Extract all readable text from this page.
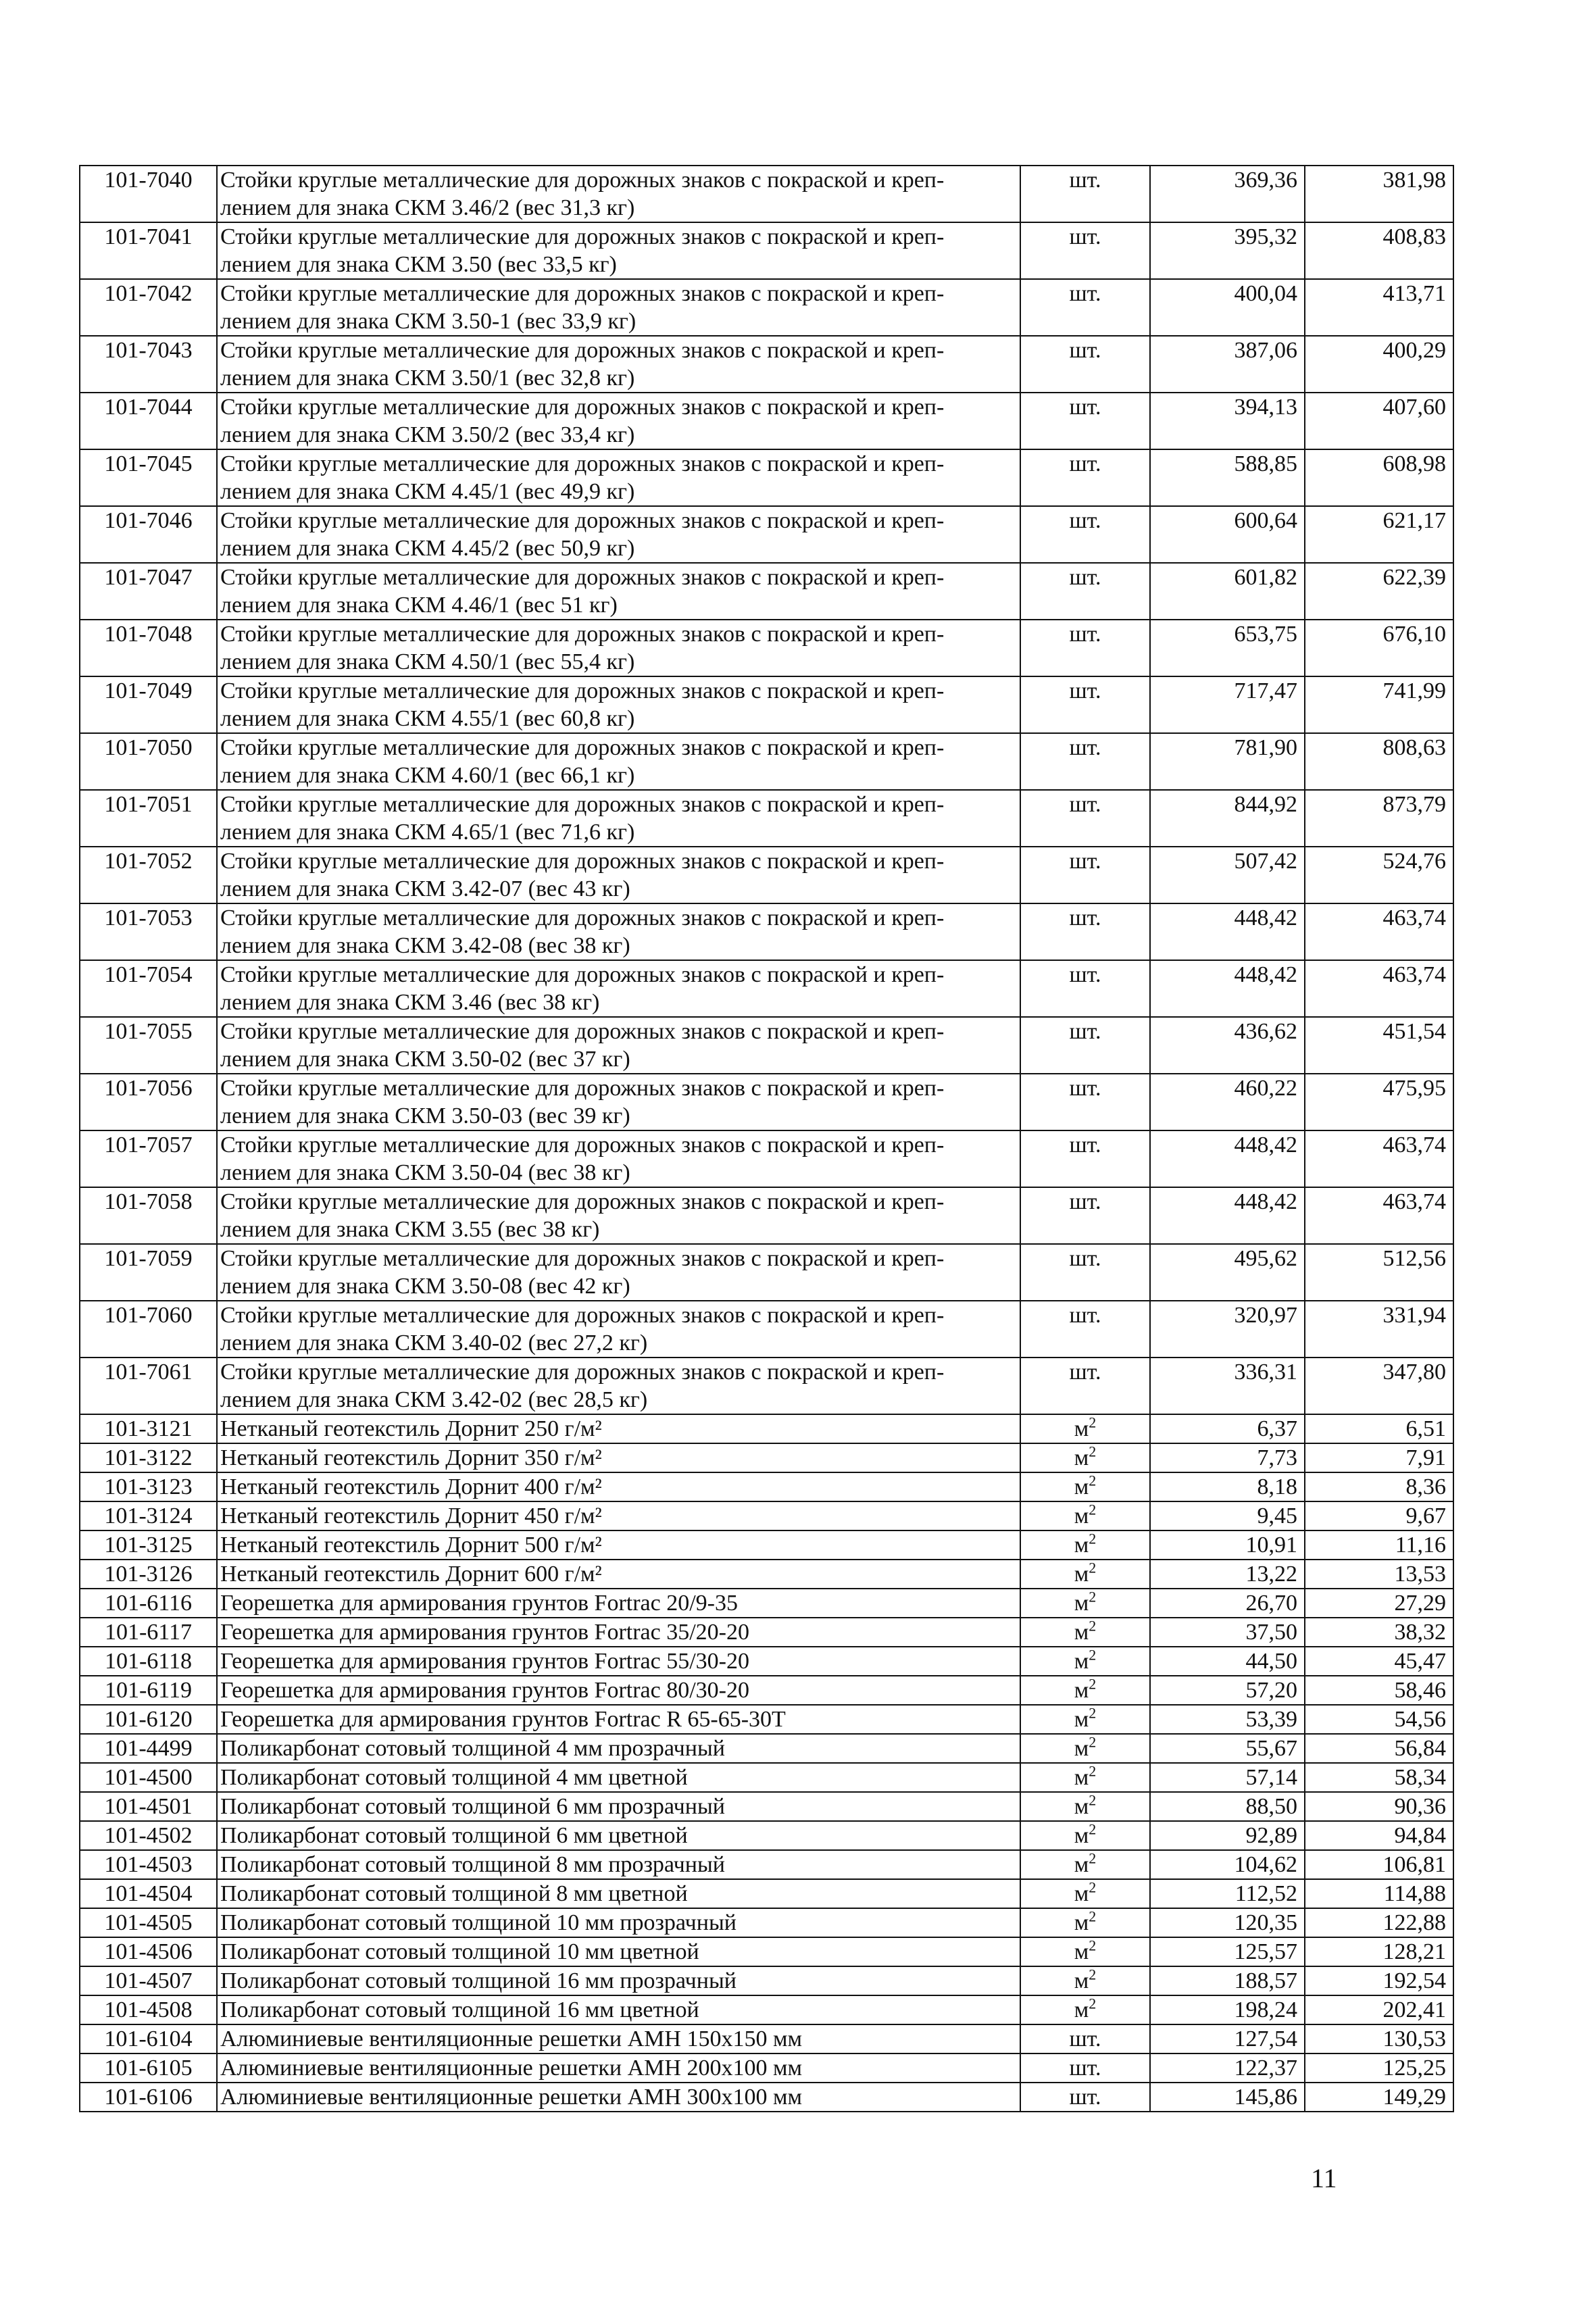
101-7040	Стойки круглые металлические для дорожных знаков с покраской и креп-
лением для знака СКМ 3.46/2 (вес 31,3 кг)	шт.	369,36	381,98
101-7041	Стойки круглые металлические для дорожных знаков с покраской и креп-
лением для знака СКМ 3.50 (вес 33,5 кг)	шт.	395,32	408,83
101-7042	Стойки круглые металлические для дорожных знаков с покраской и креп-
лением для знака СКМ 3.50-1 (вес 33,9 кг)	шт.	400,04	413,71
101-7043	Стойки круглые металлические для дорожных знаков с покраской и креп-
лением для знака СКМ 3.50/1 (вес 32,8 кг)	шт.	387,06	400,29
101-7044	Стойки круглые металлические для дорожных знаков с покраской и креп-
лением для знака СКМ 3.50/2 (вес 33,4 кг)	шт.	394,13	407,60
101-7045	Стойки круглые металлические для дорожных знаков с покраской и креп-
лением для знака СКМ 4.45/1 (вес 49,9 кг)	шт.	588,85	608,98
101-7046	Стойки круглые металлические для дорожных знаков с покраской и креп-
лением для знака СКМ 4.45/2 (вес 50,9 кг)	шт.	600,64	621,17
101-7047	Стойки круглые металлические для дорожных знаков с покраской и креп-
лением для знака СКМ 4.46/1 (вес 51 кг)	шт.	601,82	622,39
101-7048	Стойки круглые металлические для дорожных знаков с покраской и креп-
лением для знака СКМ 4.50/1 (вес 55,4 кг)	шт.	653,75	676,10
101-7049	Стойки круглые металлические для дорожных знаков с покраской и креп-
лением для знака СКМ 4.55/1 (вес 60,8 кг)	шт.	717,47	741,99
101-7050	Стойки круглые металлические для дорожных знаков с покраской и креп-
лением для знака СКМ 4.60/1 (вес 66,1 кг)	шт.	781,90	808,63
101-7051	Стойки круглые металлические для дорожных знаков с покраской и креп-
лением для знака СКМ 4.65/1 (вес 71,6 кг)	шт.	844,92	873,79
101-7052	Стойки круглые металлические для дорожных знаков с покраской и креп-
лением для знака СКМ 3.42-07 (вес 43 кг)	шт.	507,42	524,76
101-7053	Стойки круглые металлические для дорожных знаков с покраской и креп-
лением для знака СКМ 3.42-08 (вес 38 кг)	шт.	448,42	463,74
101-7054	Стойки круглые металлические для дорожных знаков с покраской и креп-
лением для знака СКМ 3.46 (вес 38 кг)	шт.	448,42	463,74
101-7055	Стойки круглые металлические для дорожных знаков с покраской и креп-
лением для знака СКМ 3.50-02 (вес 37 кг)	шт.	436,62	451,54
101-7056	Стойки круглые металлические для дорожных знаков с покраской и креп-
лением для знака СКМ 3.50-03 (вес 39 кг)	шт.	460,22	475,95
101-7057	Стойки круглые металлические для дорожных знаков с покраской и креп-
лением для знака СКМ 3.50-04 (вес 38 кг)	шт.	448,42	463,74
101-7058	Стойки круглые металлические для дорожных знаков с покраской и креп-
лением для знака СКМ 3.55 (вес 38 кг)	шт.	448,42	463,74
101-7059	Стойки круглые металлические для дорожных знаков с покраской и креп-
лением для знака СКМ 3.50-08 (вес 42 кг)	шт.	495,62	512,56
101-7060	Стойки круглые металлические для дорожных знаков с покраской и креп-
лением для знака СКМ 3.40-02 (вес 27,2 кг)	шт.	320,97	331,94
101-7061	Стойки круглые металлические для дорожных знаков с покраской и креп-
лением для знака СКМ 3.42-02 (вес 28,5 кг)	шт.	336,31	347,80
101-3121	Нетканый геотекстиль Дорнит 250 г/м²	$м^2$	6,37	6,51
101-3122	Нетканый геотекстиль Дорнит 350 г/м²	$м^2$	7,73	7,91
101-3123	Нетканый геотекстиль Дорнит 400 г/м²	$м^2$	8,18	8,36
101-3124	Нетканый геотекстиль Дорнит 450 г/м²	$м^2$	9,45	9,67
101-3125	Нетканый геотекстиль Дорнит 500 г/м²	$м^2$	10,91	11,16
101-3126	Нетканый геотекстиль Дорнит 600 г/м²	$м^2$	13,22	13,53
101-6116	Георешетка для армирования грунтов Fortrac 20/9-35	$м^2$	26,70	27,29
101-6117	Георешетка для армирования грунтов Fortrac 35/20-20	$м^2$	37,50	38,32
101-6118	Георешетка для армирования грунтов Fortrac 55/30-20	$м^2$	44,50	45,47
101-6119	Георешетка для армирования грунтов Fortrac 80/30-20	$м^2$	57,20	58,46
101-6120	Георешетка для армирования грунтов Fortrac R 65-65-30T	$м^2$	53,39	54,56
101-4499	Поликарбонат сотовый толщиной 4 мм прозрачный	$м^2$	55,67	56,84
101-4500	Поликарбонат сотовый толщиной 4 мм цветной	$м^2$	57,14	58,34
101-4501	Поликарбонат сотовый толщиной 6 мм прозрачный	$м^2$	88,50	90,36
101-4502	Поликарбонат сотовый толщиной 6 мм цветной	$м^2$	92,89	94,84
101-4503	Поликарбонат сотовый толщиной 8 мм прозрачный	$м^2$	104,62	106,81
101-4504	Поликарбонат сотовый толщиной 8 мм цветной	$м^2$	112,52	114,88
101-4505	Поликарбонат сотовый толщиной 10 мм прозрачный	$м^2$	120,35	122,88
101-4506	Поликарбонат сотовый толщиной 10 мм цветной	$м^2$	125,57	128,21
101-4507	Поликарбонат сотовый толщиной 16 мм прозрачный	$м^2$	188,57	192,54
101-4508	Поликарбонат сотовый толщиной 16 мм цветной	$м^2$	198,24	202,41
101-6104	Алюминиевые вентиляционные решетки АМН 150х150 мм	шт.	127,54	130,53
101-6105	Алюминиевые вентиляционные решетки АМН 200х100 мм	шт.	122,37	125,25
101-6106	Алюминиевые вентиляционные решетки АМН 300х100 мм	шт.	145,86	149,29
11
